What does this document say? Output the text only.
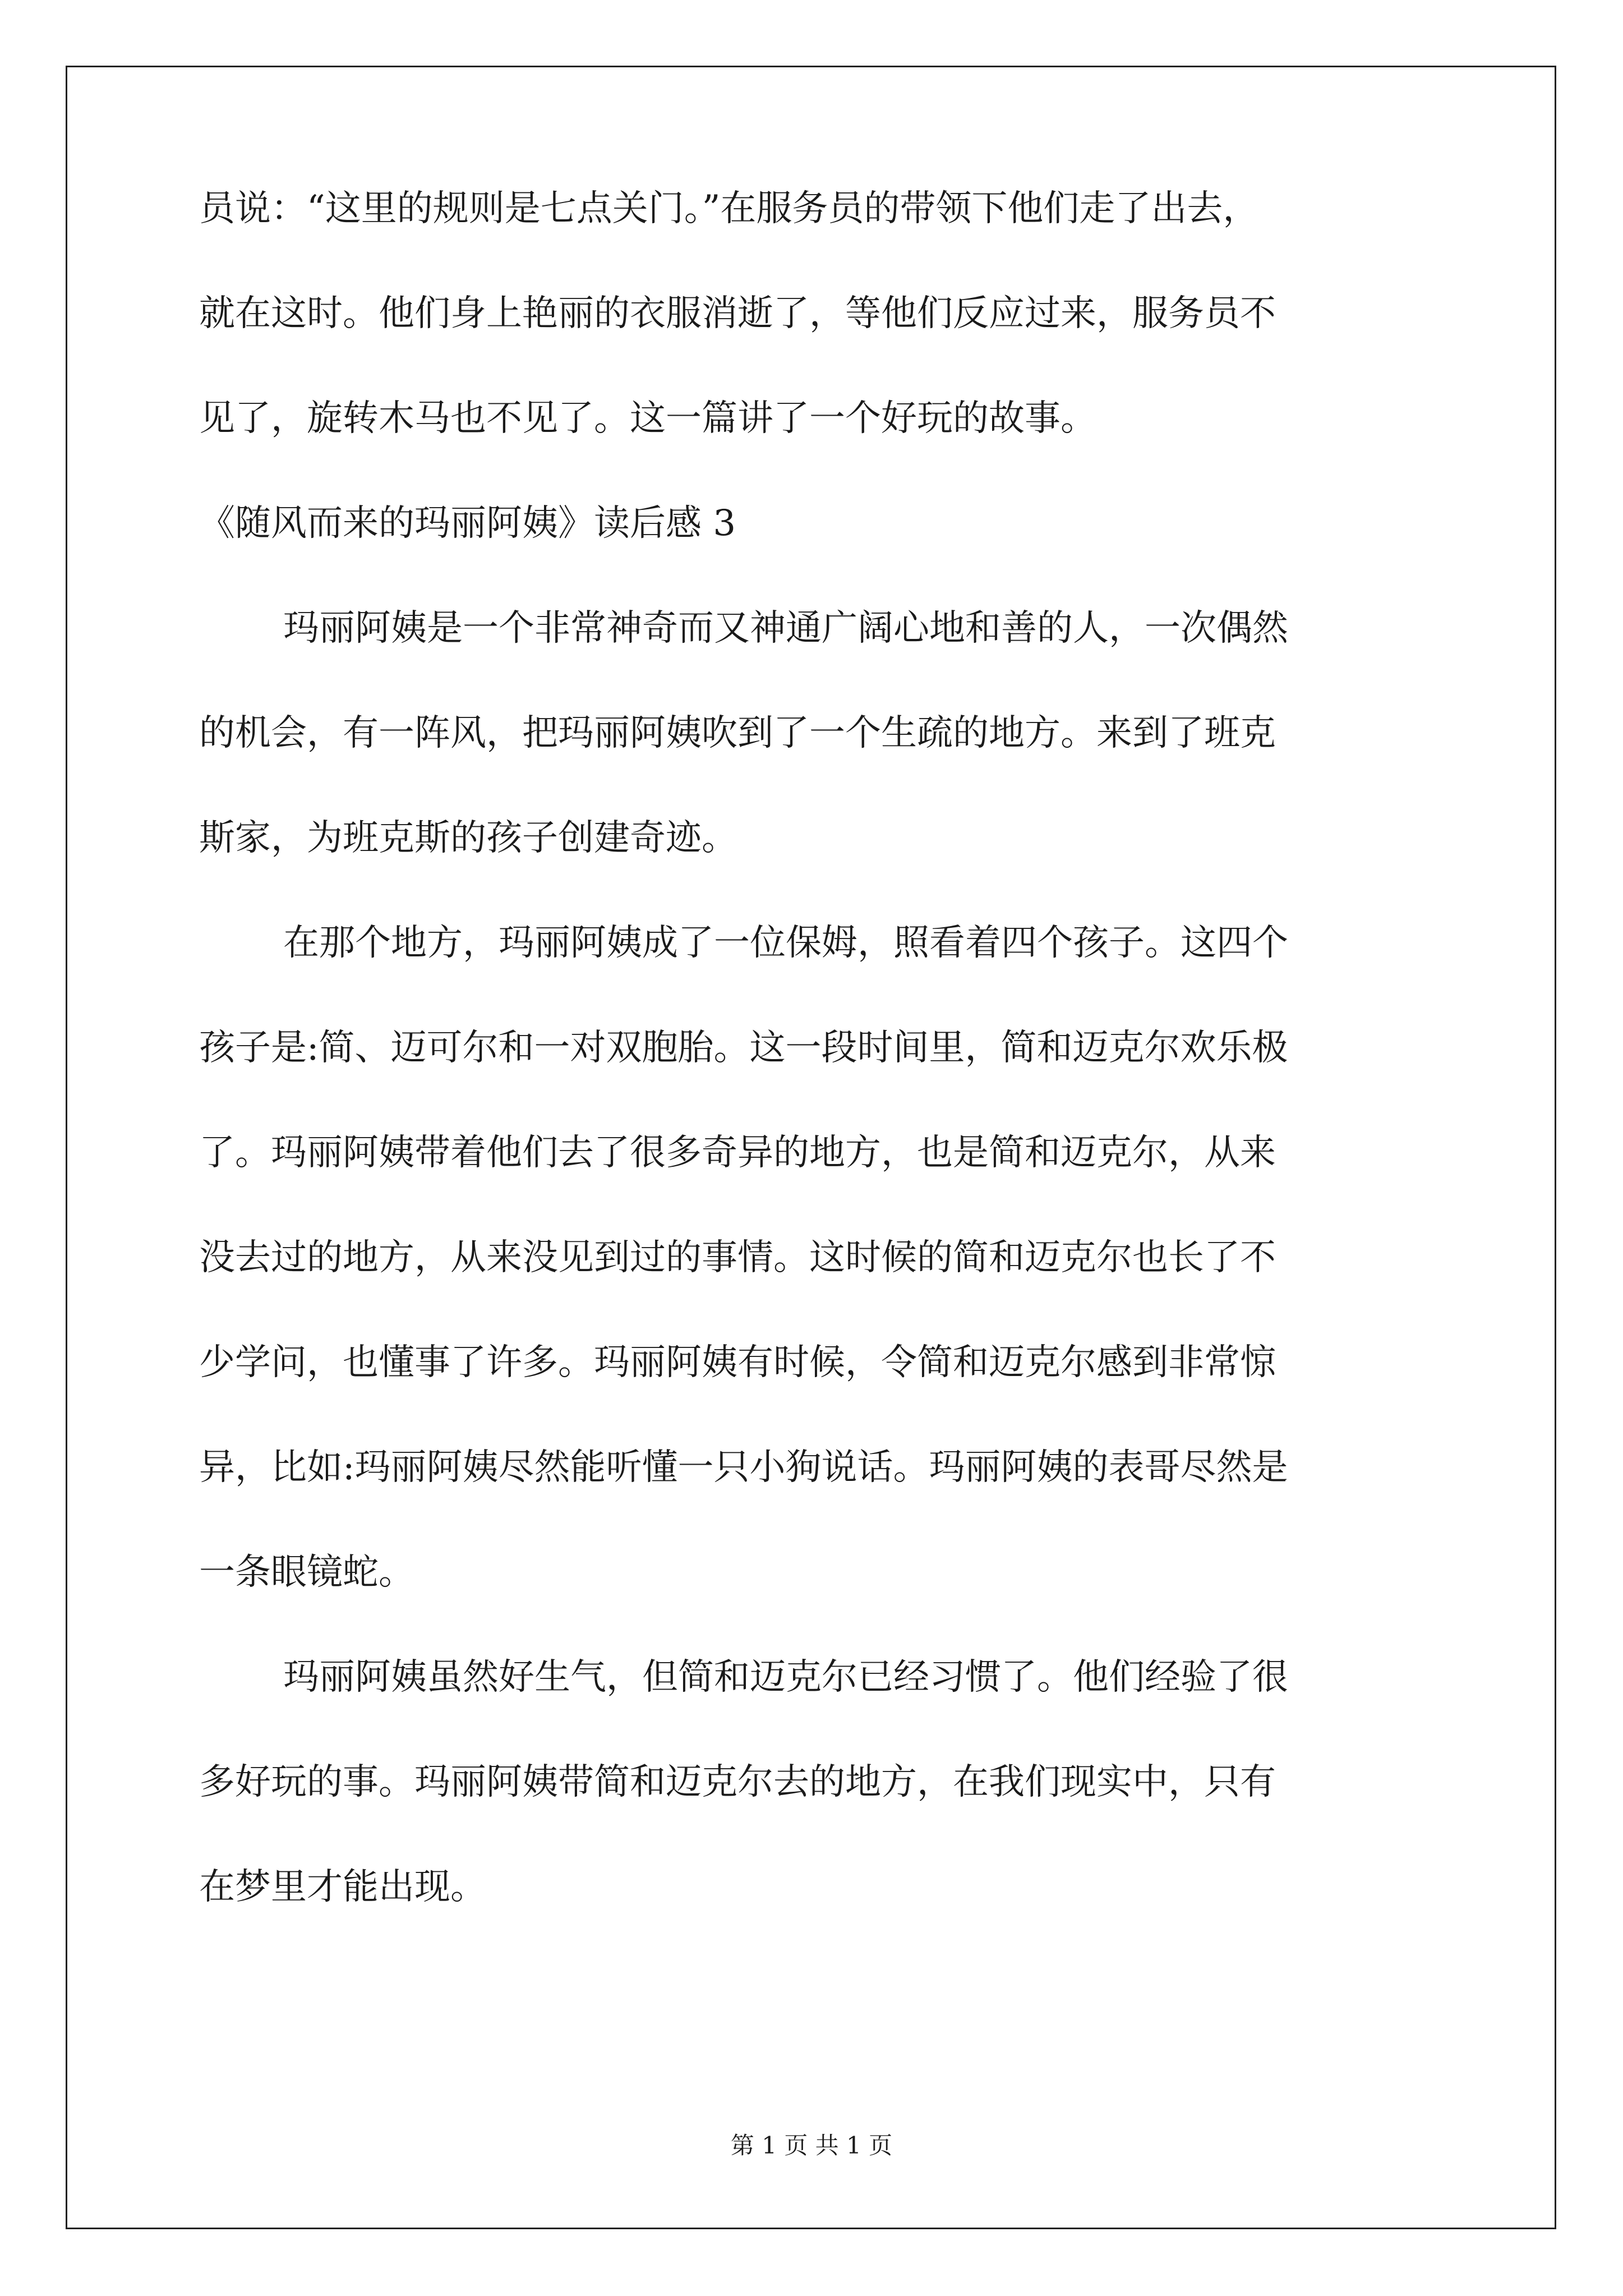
员说：“这里的规则是七点关门。”在服务员的带领下他们走了出去，
就在这时。他们身上艳丽的衣服消逝了，等他们反应过来，服务员不
见了，旋转木马也不见了。这一篇讲了一个好玩的故事。
《随风而来的玛丽阿姨》读后感 3
玛丽阿姨是一个非常神奇而又神通广阔心地和善的人，一次偶然
的机会，有一阵风，把玛丽阿姨吹到了一个生疏的地方。来到了班克
斯家，为班克斯的孩子创建奇迹。
在那个地方，玛丽阿姨成了一位保姆，照看着四个孩子。这四个
孩子是:简、迈可尔和一对双胞胎。这一段时间里，简和迈克尔欢乐极
了。玛丽阿姨带着他们去了很多奇异的地方，也是简和迈克尔，从来
没去过的地方，从来没见到过的事情。这时候的简和迈克尔也长了不
少学问，也懂事了许多。玛丽阿姨有时候，令简和迈克尔感到非常惊
异，比如:玛丽阿姨尽然能听懂一只小狗说话。玛丽阿姨的表哥尽然是
一条眼镜蛇。
玛丽阿姨虽然好生气，但简和迈克尔已经习惯了。他们经验了很
多好玩的事。玛丽阿姨带简和迈克尔去的地方，在我们现实中，只有
在梦里才能出现。
第 1 页 共 1 页
